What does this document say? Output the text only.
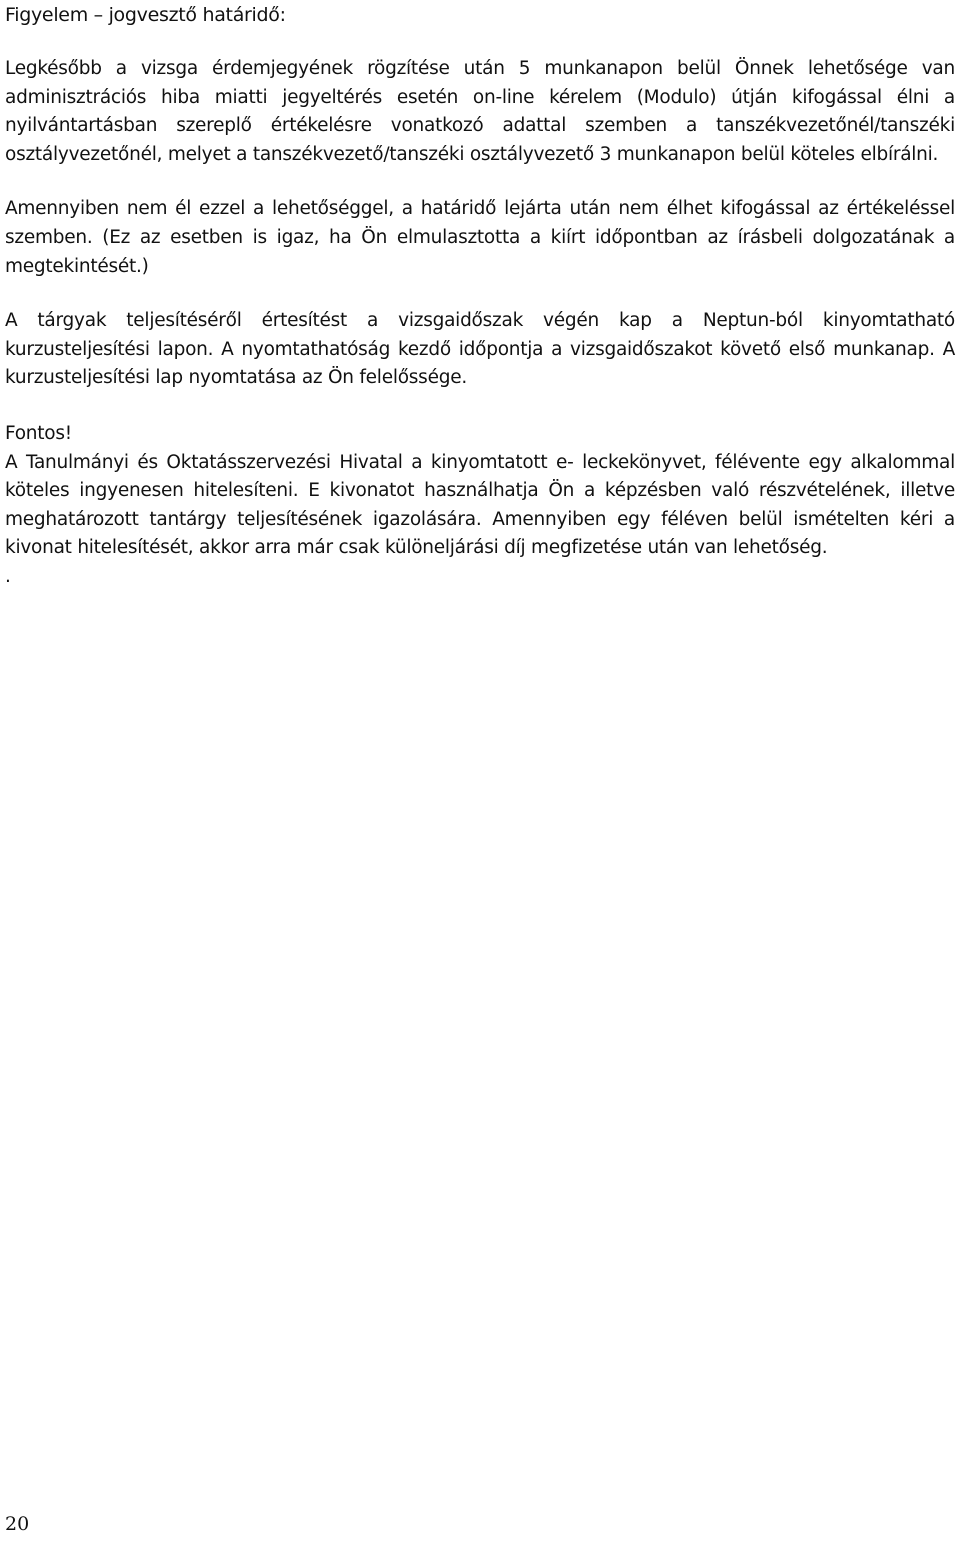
Figyelem – jogvesztő határidő:

Legkésőbb a vizsga érdemjegyének rögzítése után 5 munkanapon belül Önnek lehetősége van adminisztrációs hiba miatti jegyeltérés esetén on-line kérelem (Modulo) útján kifogással élni a nyilvántartásban szereplő értékelésre vonatkozó adattal szemben a tanszékvezetőnél/tanszéki osztályvezetőnél, melyet a tanszékvezető/tanszéki osztályvezető 3 munkanapon belül köteles elbírálni.

Amennyiben nem él ezzel a lehetőséggel, a határidő lejárta után nem élhet kifogással az értékeléssel szemben. (Ez az esetben is igaz, ha Ön elmulasztotta a kiírt időpontban az írásbeli dolgozatának a megtekintését.)

A tárgyak teljesítéséről értesítést a vizsgaidőszak végén kap a Neptun-ból kinyomtatható kurzusteljesítési lapon. A nyomtathatóság kezdő időpontja a vizsgaidőszakot követő első munkanap. A kurzusteljesítési lap nyomtatása az Ön felelőssége.

Fontos!

A Tanulmányi és Oktatásszervezési Hivatal a kinyomtatott e- leckekönyvet, félévente egy alkalommal köteles ingyenesen hitelesíteni. E kivonatot használhatja Ön a képzésben való részvételének, illetve meghatározott tantárgy teljesítésének igazolására. Amennyiben egy féléven belül ismételten kéri a kivonat hitelesítését, akkor arra már csak különeljárási díj megfizetése után van lehetőség.

.

20
